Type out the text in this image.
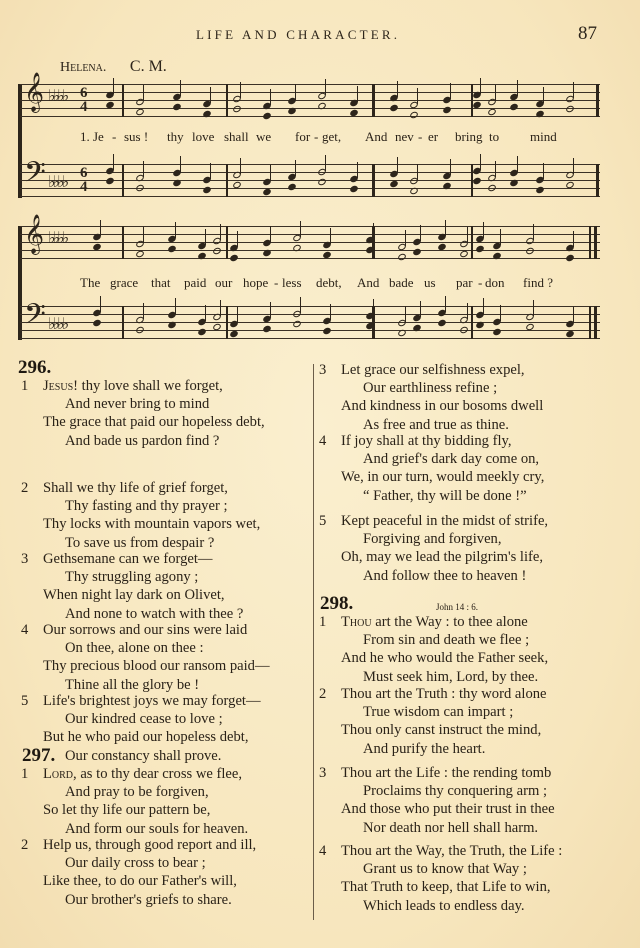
LIFE AND CHARACTER.	87
Helena. C. M.
𝄞 ♭♭♭♭ 6
4
1. Je - sus ! thy love shall we for - get, And nev - er bring to mind
𝄢 ♭♭♭♭
6
4
𝄞 ♭♭♭♭
The grace that paid our hope - less debt, And bade us par - don find ?
𝄢 ♭♭♭♭
296.
1	Jesus! thy love shall we forget,
And never bring to mind
The grace that paid our hopeless debt,
And bade us pardon find ?
2	Shall we thy life of grief forget,
Thy fasting and thy prayer ;
Thy locks with mountain vapors wet,
To save us from despair ?
3	Gethsemane can we forget—
Thy struggling agony ;
When night lay dark on Olivet,
And none to watch with thee ?
4	Our sorrows and our sins were laid
On thee, alone on thee :
Thy precious blood our ransom paid—
Thine all the glory be !
5	Life's brightest joys we may forget—
Our kindred cease to love ;
But he who paid our hopeless debt,
Our constancy shall prove.
297.
1	Lord, as to thy dear cross we flee,
And pray to be forgiven,
So let thy life our pattern be,
And form our souls for heaven.
2	Help us, through good report and ill,
Our daily cross to bear ;
Like thee, to do our Father's will,
Our brother's griefs to share.
3	Let grace our selfishness expel,
Our earthliness refine ;
And kindness in our bosoms dwell
As free and true as thine.
4	If joy shall at thy bidding fly,
And grief's dark day come on,
We, in our turn, would meekly cry,
“ Father, thy will be done !”
5	Kept peaceful in the midst of strife,
Forgiving and forgiven,
Oh, may we lead the pilgrim's life,
And follow thee to heaven !
298.	John 14 : 6.
1	Thou art the Way : to thee alone
From sin and death we flee ;
And he who would the Father seek,
Must seek him, Lord, by thee.
2	Thou art the Truth : thy word alone
True wisdom can impart ;
Thou only canst instruct the mind,
And purify the heart.
3	Thou art the Life : the rending tomb
Proclaims thy conquering arm ;
And those who put their trust in thee
Nor death nor hell shall harm.
4	Thou art the Way, the Truth, the Life :
Grant us to know that Way ;
That Truth to keep, that Life to win,
Which leads to endless day.
